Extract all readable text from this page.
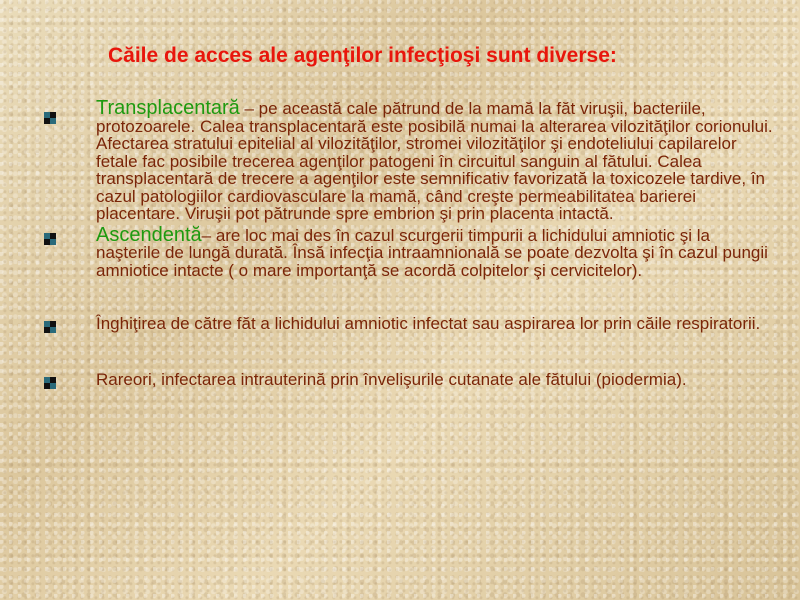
Căile de acces ale agenţilor infecţioşi sunt diverse:
Transplacentară – pe această cale pătrund de la mamă la făt viruşii, bacteriile, protozoarele. Calea transplacentară este posibilă numai la alterarea vilozităţilor corionului. Afectarea stratului epitelial al vilozităţilor, stromei vilozităţilor şi endoteliului capilarelor fetale fac posibile trecerea agenţilor patogeni în circuitul sanguin al fătului. Calea transplacentară de trecere a agenţilor este semnificativ favorizată la toxicozele tardive, în cazul patologiilor cardiovasculare la mamă, când creşte permeabilitatea barierei placentare. Viruşii pot pătrunde spre embrion şi prin placenta intactă.
Ascendentă– are loc mai des în cazul scurgerii timpurii a lichidului amniotic şi la naşterile de lungă durată. Însă infecţia intraamnională se poate dezvolta şi în cazul pungii amniotice intacte ( o mare importanţă se acordă colpitelor şi cervicitelor).
Înghiţirea de către făt a lichidului amniotic infectat sau aspirarea lor prin căile respiratorii.
Rareori, infectarea intrauterină prin învelişurile cutanate ale fătului (piodermia).
